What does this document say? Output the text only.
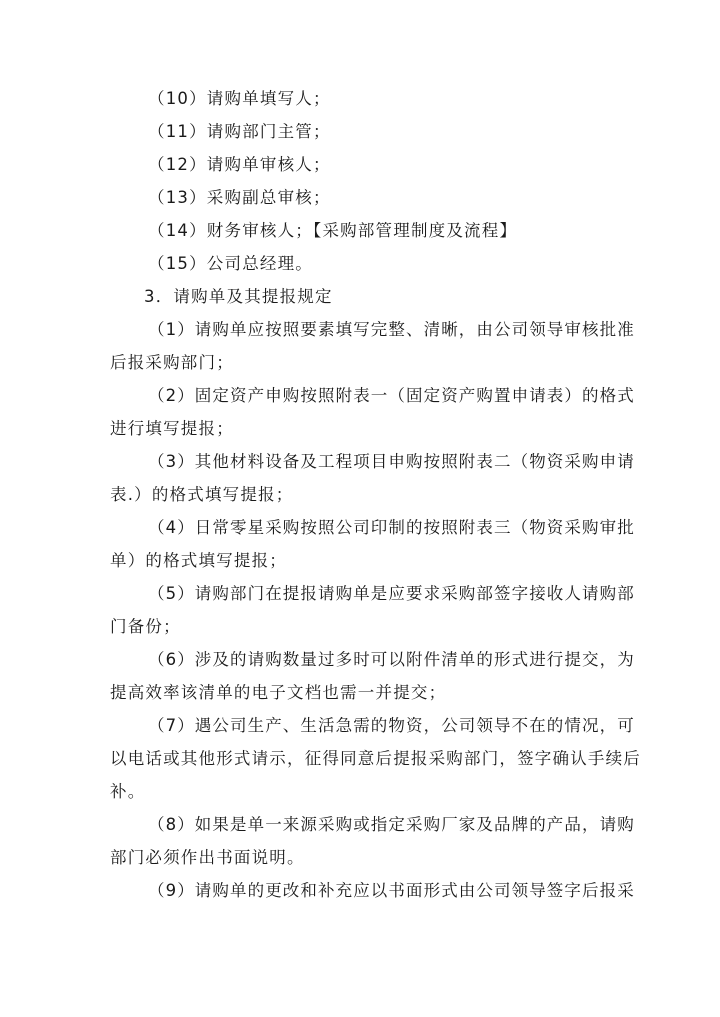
（10）请购单填写人；
（11）请购部门主管；
（12）请购单审核人；
（13）采购副总审核；
（14）财务审核人；【采购部管理制度及流程】
（15）公司总经理。
3．请购单及其提报规定
（1）请购单应按照要素填写完整、清晰，由公司领导审核批准
后报采购部门；
（2）固定资产申购按照附表一（固定资产购置申请表）的格式
进行填写提报；
（3）其他材料设备及工程项目申购按照附表二（物资采购申请
表.）的格式填写提报；
（4）日常零星采购按照公司印制的按照附表三（物资采购审批
单）的格式填写提报；
（5）请购部门在提报请购单是应要求采购部签字接收人请购部
门备份；
（6）涉及的请购数量过多时可以附件清单的形式进行提交，为
提高效率该清单的电子文档也需一并提交；
（7）遇公司生产、生活急需的物资，公司领导不在的情况，可
以电话或其他形式请示，征得同意后提报采购部门，签字确认手续后
补。
（8）如果是单一来源采购或指定采购厂家及品牌的产品，请购
部门必须作出书面说明。
（9）请购单的更改和补充应以书面形式由公司领导签字后报采
